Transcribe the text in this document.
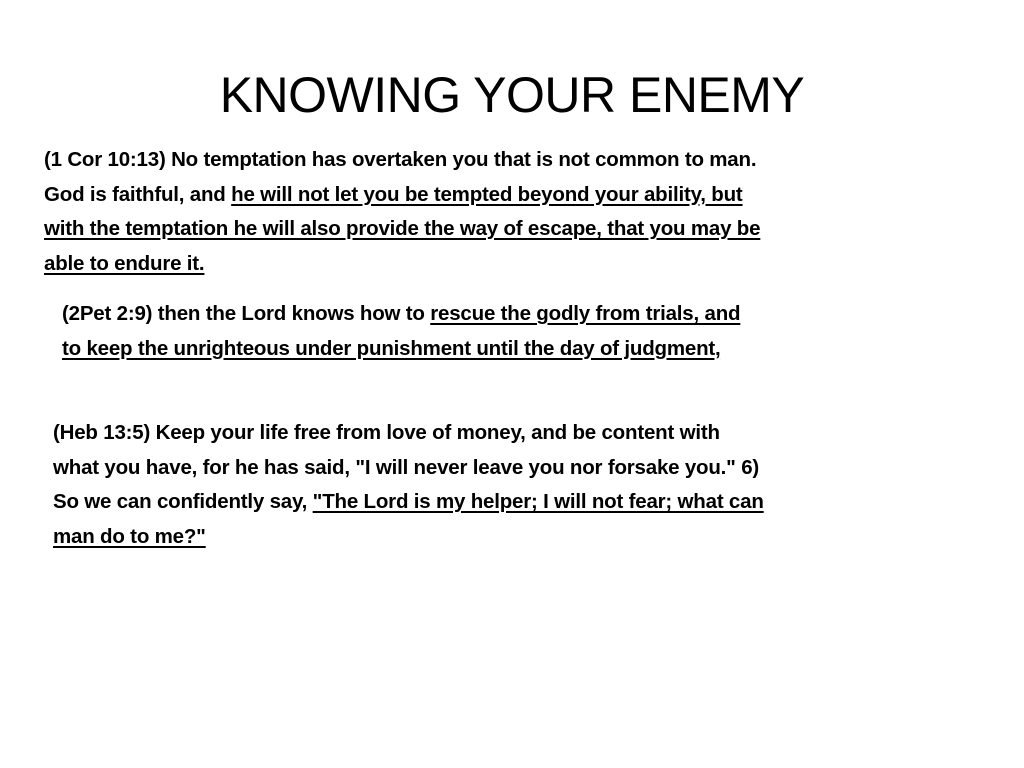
KNOWING YOUR ENEMY

(1 Cor 10:13) No temptation has overtaken you that is not common to man.
God is faithful, and he will not let you be tempted beyond your ability, but
with the temptation he will also provide the way of escape, that you may be
able to endure it.

(2Pet 2:9) then the Lord knows how to rescue the godly from trials, and
to keep the unrighteous under punishment until the day of judgment,

(Heb 13:5) Keep your life free from love of money, and be content with
what you have, for he has said, "I will never leave you nor forsake you." 6)
So we can confidently say, "The Lord is my helper; I will not fear; what can
man do to me?"
